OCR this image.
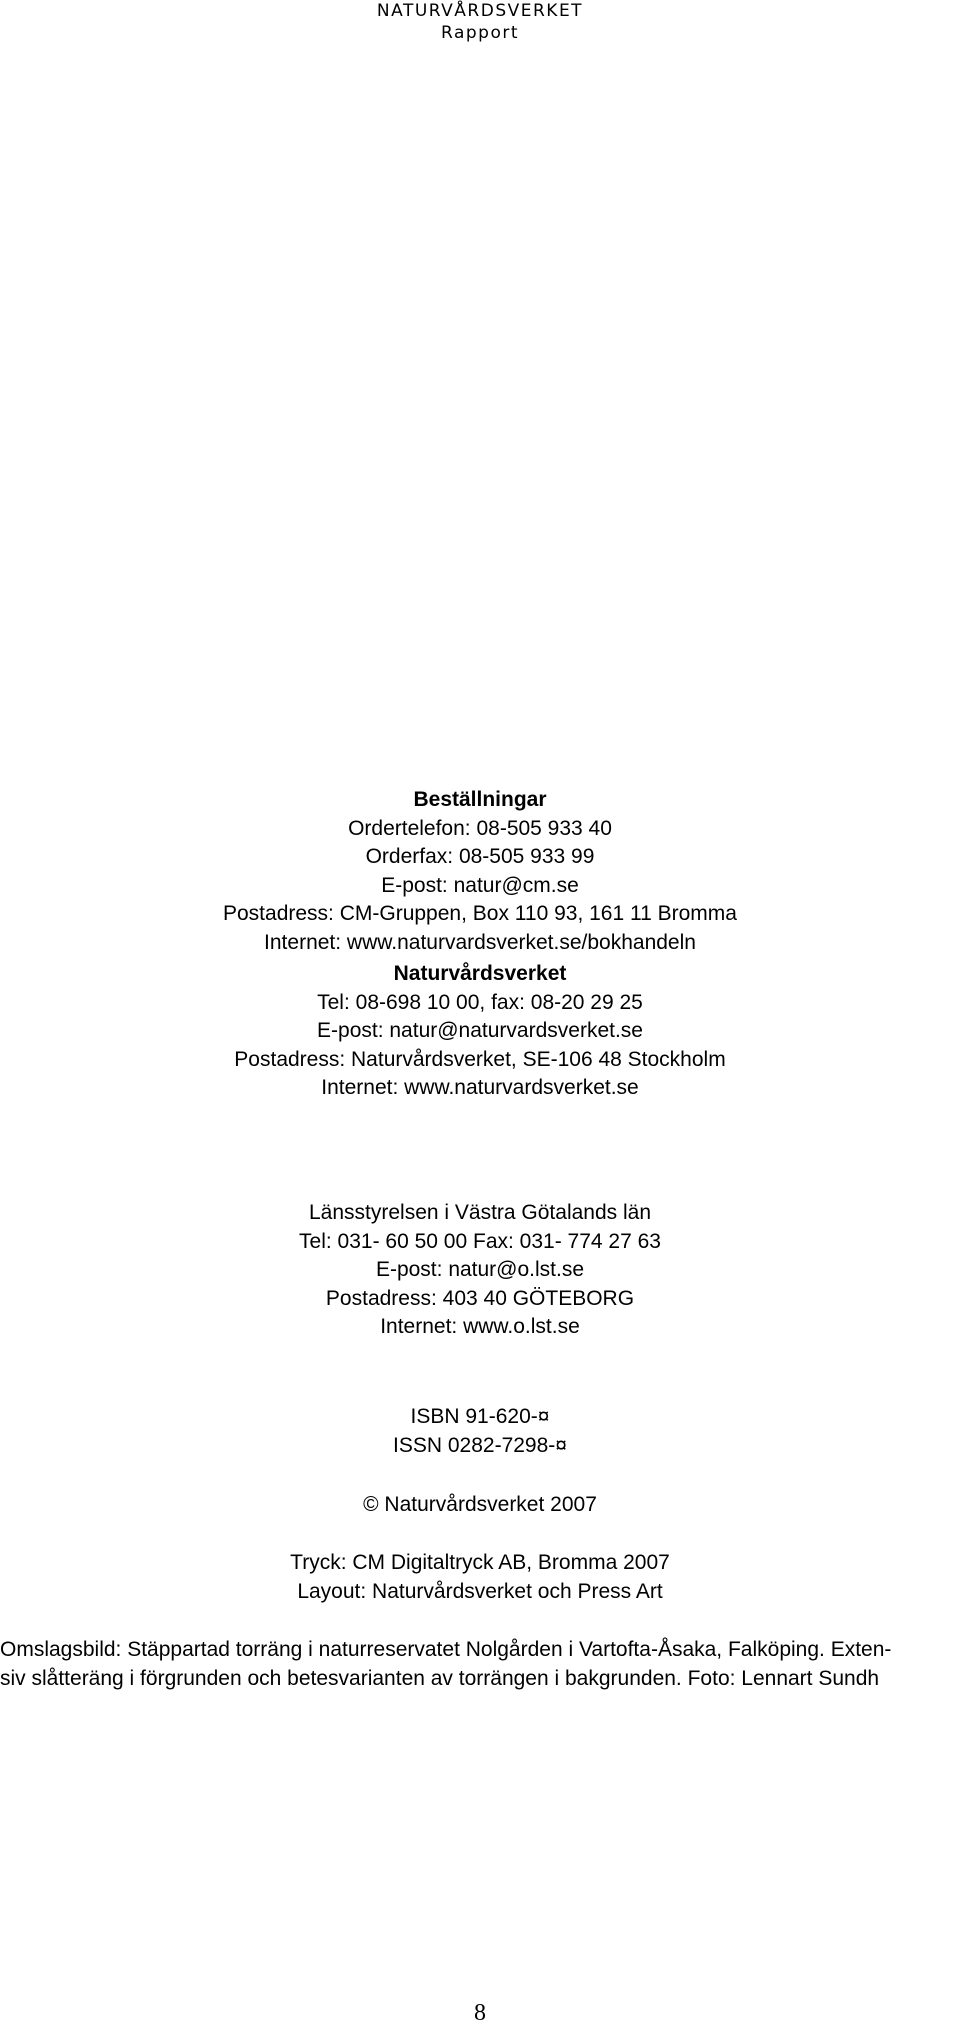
NATURVÅRDSVERKET
Rapport
Beställningar
Ordertelefon: 08-505 933 40
Orderfax: 08-505 933 99
E-post: natur@cm.se
Postadress: CM-Gruppen, Box 110 93, 161 11 Bromma
Internet: www.naturvardsverket.se/bokhandeln
Naturvårdsverket
Tel: 08-698 10 00, fax: 08-20 29 25
E-post: natur@naturvardsverket.se
Postadress: Naturvårdsverket, SE-106 48 Stockholm
Internet: www.naturvardsverket.se
Länsstyrelsen i Västra Götalands län
Tel: 031- 60 50 00 Fax: 031- 774 27 63
E-post: natur@o.lst.se
Postadress: 403 40 GÖTEBORG
Internet: www.o.lst.se
ISBN 91-620-¤
ISSN 0282-7298-¤
© Naturvårdsverket 2007
Tryck: CM Digitaltryck AB, Bromma 2007
Layout: Naturvårdsverket och Press Art
Omslagsbild: Stäppartad torräng i naturreservatet Nolgården i Vartofta-Åsaka, Falköping. Exten-
siv slåtteräng i förgrunden och betesvarianten av torrängen i bakgrunden. Foto: Lennart Sundh
8
